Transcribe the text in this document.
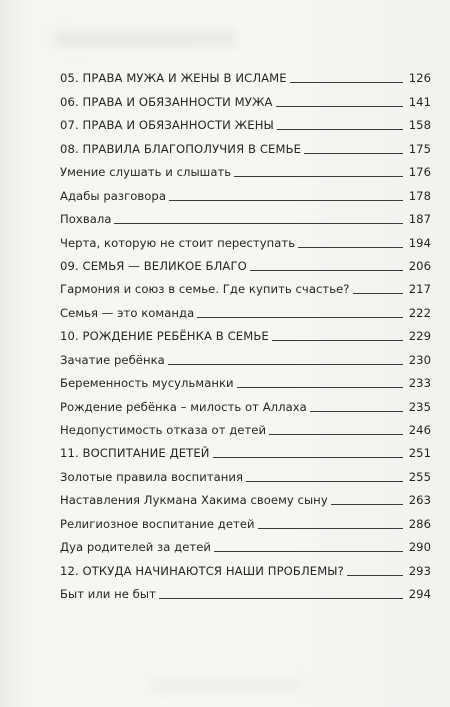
05. ПРАВА МУЖА И ЖЕНЫ В ИСЛАМЕ	126
06. ПРАВА И ОБЯЗАННОСТИ МУЖА	141
07. ПРАВА И ОБЯЗАННОСТИ ЖЕНЫ	158
08. ПРАВИЛА БЛАГОПОЛУЧИЯ В СЕМЬЕ	175
Умение слушать и слышать	176
Адабы разговора	178
Похвала	187
Черта, которую не стоит переступать	194
09. СЕМЬЯ — ВЕЛИКОЕ БЛАГО	206
Гармония и союз в семье. Где купить счастье?	217
Семья — это команда	222
10. РОЖДЕНИЕ РЕБЁНКА В СЕМЬЕ	229
Зачатие ребёнка	230
Беременность мусульманки	233
Рождение ребёнка – милость от Аллаха	235
Недопустимость отказа от детей	246
11. ВОСПИТАНИЕ ДЕТЕЙ	251
Золотые правила воспитания	255
Наставления Лукмана Хакима своему сыну	263
Религиозное воспитание детей	286
Дуа родителей за детей	290
12. ОТКУДА НАЧИНАЮТСЯ НАШИ ПРОБЛЕМЫ?	293
Быт или не быт	294
